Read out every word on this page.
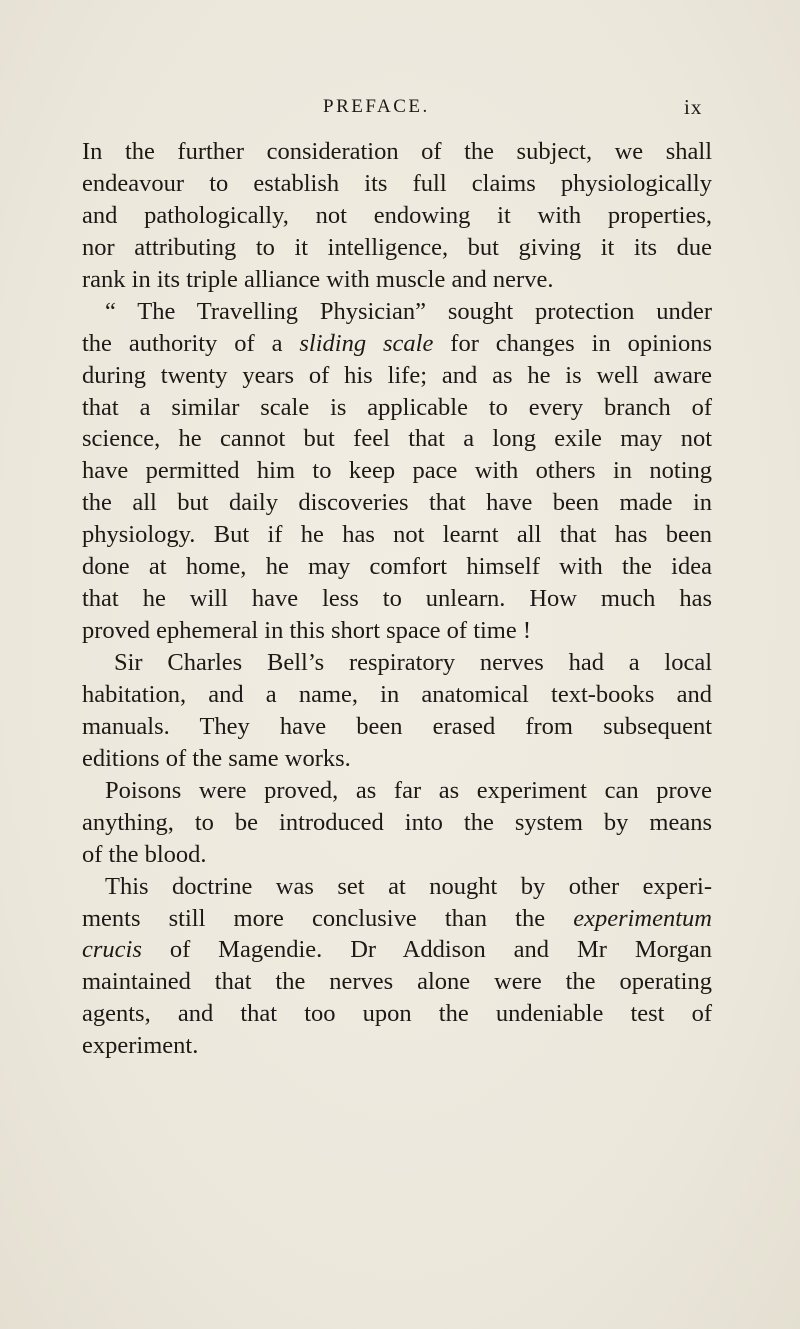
PREFACE.	ix
In the further consideration of the subject, we shall
endeavour to establish its full claims physiologically
and pathologically, not endowing it with properties,
nor attributing to it intelligence, but giving it its due
rank in its triple alliance with muscle and nerve.
“ The Travelling Physician” sought protection under
the authority of a sliding scale for changes in opinions
during twenty years of his life; and as he is well aware
that a similar scale is applicable to every branch of
science, he cannot but feel that a long exile may not
have permitted him to keep pace with others in noting
the all but daily discoveries that have been made in
physiology. But if he has not learnt all that has been
done at home, he may comfort himself with the idea
that he will have less to unlearn. How much has
proved ephemeral in this short space of time !
Sir Charles Bell’s respiratory nerves had a local
habitation, and a name, in anatomical text-books and
manuals. They have been erased from subsequent
editions of the same works.
Poisons were proved, as far as experiment can prove
anything, to be introduced into the system by means
of the blood.
This doctrine was set at nought by other experi-
ments still more conclusive than the experimentum
crucis of Magendie. Dr Addison and Mr Morgan
maintained that the nerves alone were the operating
agents, and that too upon the undeniable test of
experiment.
